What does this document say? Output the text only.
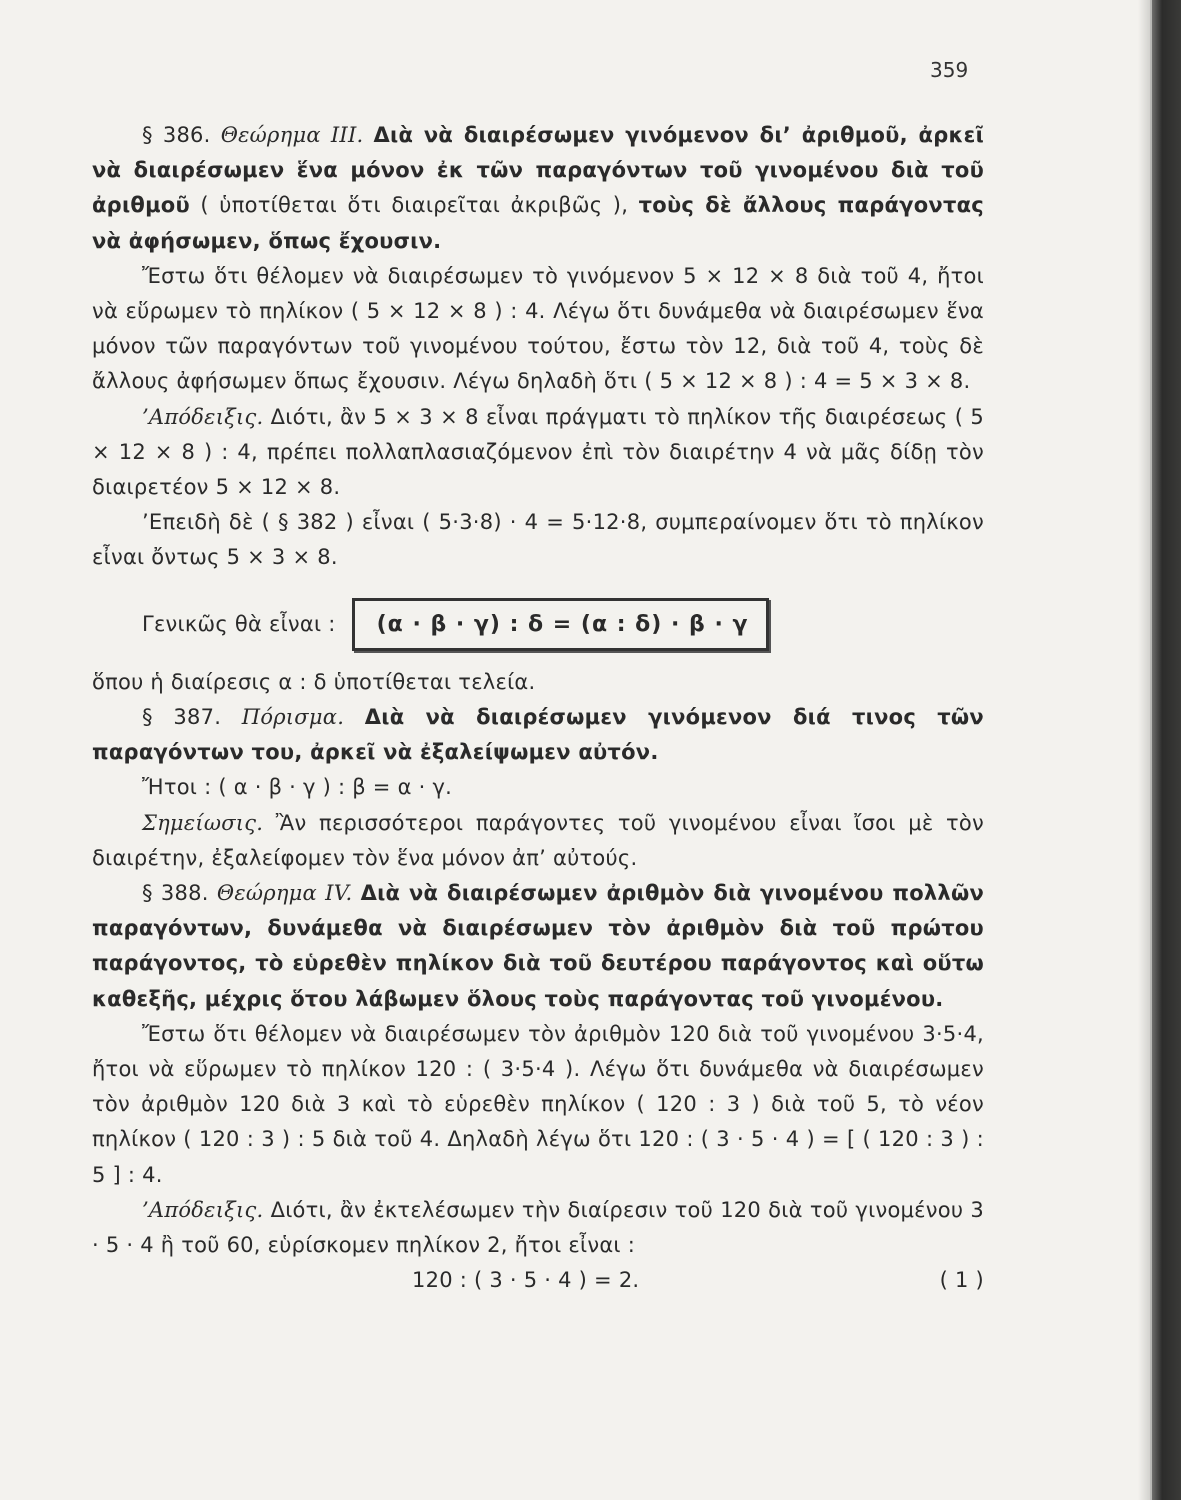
359

§ 386. Θεώρημα III. Διὰ νὰ διαιρέσωμεν γινόμενον δι’ ἀριθμοῦ, ἀρκεῖ νὰ διαιρέσωμεν ἕνα μόνον ἐκ τῶν παραγόντων τοῦ γινομένου διὰ τοῦ ἀριθμοῦ ( ὑποτίθεται ὅτι διαιρεῖται ἀκριβῶς ), τοὺς δὲ ἄλλους παράγοντας νὰ ἀφήσωμεν, ὅπως ἔχουσιν.

Ἔστω ὅτι θέλομεν νὰ διαιρέσωμεν τὸ γινόμενον 5 × 12 × 8 διὰ τοῦ 4, ἤτοι νὰ εὕρωμεν τὸ πηλίκον ( 5 × 12 × 8 ) : 4. Λέγω ὅτι δυνάμεθα νὰ διαιρέσωμεν ἕνα μόνον τῶν παραγόντων τοῦ γινομένου τούτου, ἔστω τὸν 12, διὰ τοῦ 4, τοὺς δὲ ἄλλους ἀφήσωμεν ὅπως ἔχουσιν. Λέγω δηλαδὴ ὅτι ( 5 × 12 × 8 ) : 4 = 5 × 3 × 8.

’Απόδειξις. Διότι, ἂν 5 × 3 × 8 εἶναι πράγματι τὸ πηλίκον τῆς διαιρέσεως ( 5 × 12 × 8 ) : 4, πρέπει πολλαπλασιαζόμενον ἐπὶ τὸν διαιρέτην 4 νὰ μᾶς δίδῃ τὸν διαιρετέον 5 × 12 × 8.

’Επειδὴ δὲ ( § 382 ) εἶναι ( 5·3·8) · 4 = 5·12·8, συμπεραίνομεν ὅτι τὸ πηλίκον εἶναι ὄντως 5 × 3 × 8.

Γενικῶς θὰ εἶναι :	(α · β · γ) : δ = (α : δ) · β · γ

ὅπου ἡ διαίρεσις α : δ ὑποτίθεται τελεία.

§ 387. Πόρισμα. Διὰ νὰ διαιρέσωμεν γινόμενον διά τινος τῶν παραγόντων του, ἀρκεῖ νὰ ἐξαλείψωμεν αὐτόν.

Ἤτοι : ( α · β · γ ) : β = α · γ.

Σημείωσις. Ἂν περισσότεροι παράγοντες τοῦ γινομένου εἶναι ἴσοι μὲ τὸν διαιρέτην, ἐξαλείφομεν τὸν ἕνα μόνον ἀπ’ αὐτούς.

§ 388. Θεώρημα IV. Διὰ νὰ διαιρέσωμεν ἀριθμὸν διὰ γινομένου πολλῶν παραγόντων, δυνάμεθα νὰ διαιρέσωμεν τὸν ἀριθμὸν διὰ τοῦ πρώτου παράγοντος, τὸ εὑρεθὲν πηλίκον διὰ τοῦ δευτέρου παράγοντος καὶ οὕτω καθεξῆς, μέχρις ὅτου λάβωμεν ὅλους τοὺς παράγοντας τοῦ γινομένου.

Ἔστω ὅτι θέλομεν νὰ διαιρέσωμεν τὸν ἀριθμὸν 120 διὰ τοῦ γινομένου 3·5·4, ἤτοι νὰ εὕρωμεν τὸ πηλίκον 120 : ( 3·5·4 ). Λέγω ὅτι δυνάμεθα νὰ διαιρέσωμεν τὸν ἀριθμὸν 120 διὰ 3 καὶ τὸ εὑρεθὲν πηλίκον ( 120 : 3 ) διὰ τοῦ 5, τὸ νέον πηλίκον ( 120 : 3 ) : 5 διὰ τοῦ 4. Δηλαδὴ λέγω ὅτι 120 : ( 3 · 5 · 4 ) = [ ( 120 : 3 ) : 5 ] : 4.

’Απόδειξις. Διότι, ἂν ἐκτελέσωμεν τὴν διαίρεσιν τοῦ 120 διὰ τοῦ γινομένου 3 · 5 · 4 ἢ τοῦ 60, εὑρίσκομεν πηλίκον 2, ἤτοι εἶναι :

120 : ( 3 · 5 · 4 ) = 2.	( 1 )
